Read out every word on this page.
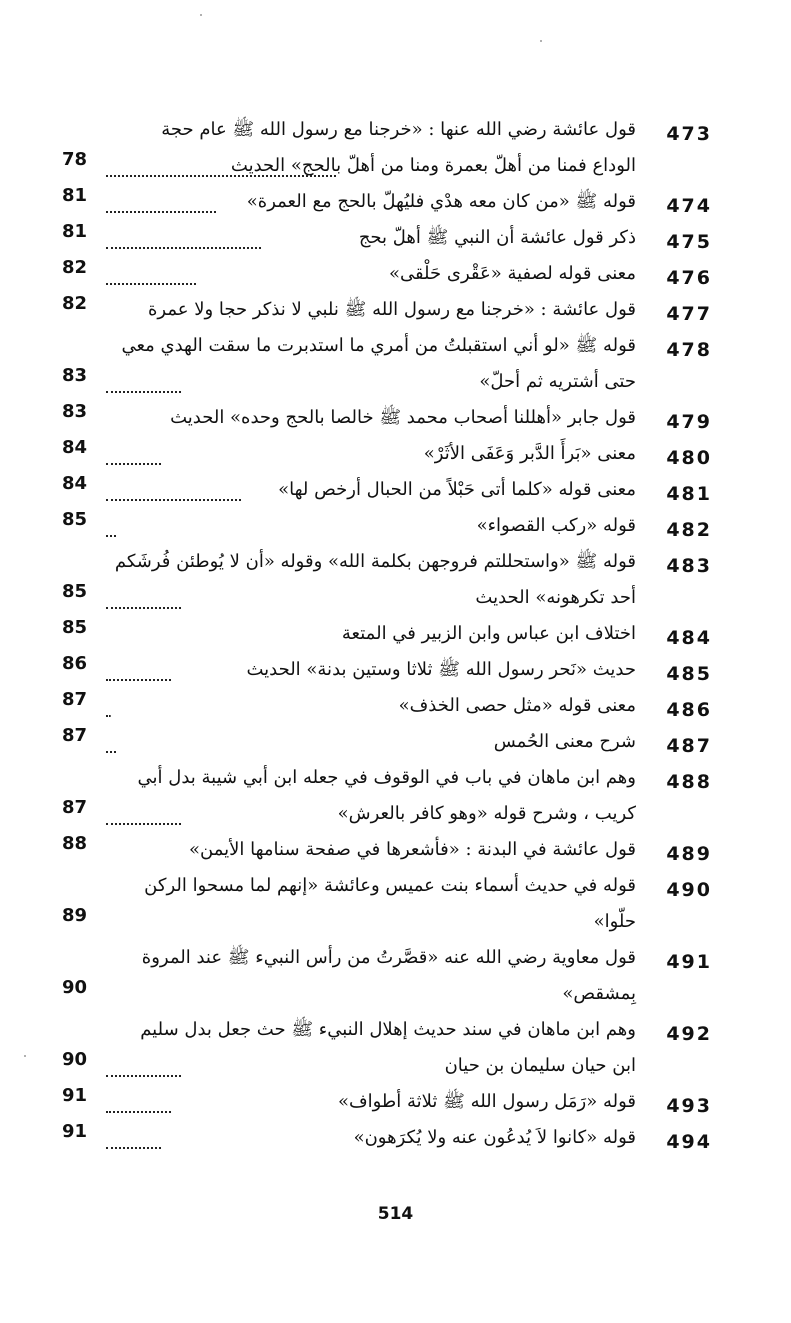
473
قول عائشة رضي الله عنها : «خرجنا مع رسول الله ﷺ عام حجة
الوداع فمنا من أهلّ بعمرة ومنا من أهلّ بالحج» الحديث
78
474
قوله ﷺ «من كان معه هدْي فليُهلّ بالحج مع العمرة»
81
475
ذكر قول عائشة أن النبي ﷺ أهلّ بحج
81
476
معنى قوله لصفية «عَقْرى حَلْقى»
82
477
قول عائشة : «خرجنا مع رسول الله ﷺ نلبي لا نذكر حجا ولا عمرة
82
478
قوله ﷺ «لو أني استقبلتُ من أمري ما استدبرت ما سقت الهدي معي
حتى أشتريه ثم أحلّ»
83
479
قول جابر «أهللنا أصحاب محمد ﷺ خالصا بالحج وحده» الحديث
83
480
معنى «بَرأَ الدَّبر وَعَفَى الأثَرْ»
84
481
معنى قوله «كلما أتى حَبْلاً من الحبال أرخص لها»
84
482
قوله «ركب القصواء»
85
483
قوله ﷺ «واستحللتم فروجهن بكلمة الله» وقوله «أن لا يُوطئن فُرشَكم
أحد تكرهونه» الحديث
85
484
اختلاف ابن عباس وابن الزبير في المتعة
85
485
حديث «نَحر رسول الله ﷺ ثلاثا وستين بدنة» الحديث
86
486
معنى قوله «مثل حصى الخذف»
87
487
شرح معنى الحُمس
87
488
وهم ابن ماهان في باب في الوقوف في جعله ابن أبي شيبة بدل أبي
كريب ، وشرح قوله «وهو كافر بالعرش»
87
489
قول عائشة في البدنة : «فأشعرها في صفحة سنامها الأيمن»
88
490
قوله في حديث أسماء بنت عميس وعائشة «إنهم لما مسحوا الركن
حلّوا»
89
491
قول معاوية رضي الله عنه «قصَّرتُ من رأس النبيء ﷺ عند المروة
بِمشقص»
90
492
وهم ابن ماهان في سند حديث إهلال النبيء ﷺ حث جعل بدل سليم
ابن حيان سليمان بن حيان
90
493
قوله «رَمَل رسول الله ﷺ ثلاثة أطواف»
91
494
قوله «كانوا لاَ يُدعُون عنه ولا يُكرَهون»
91
514
